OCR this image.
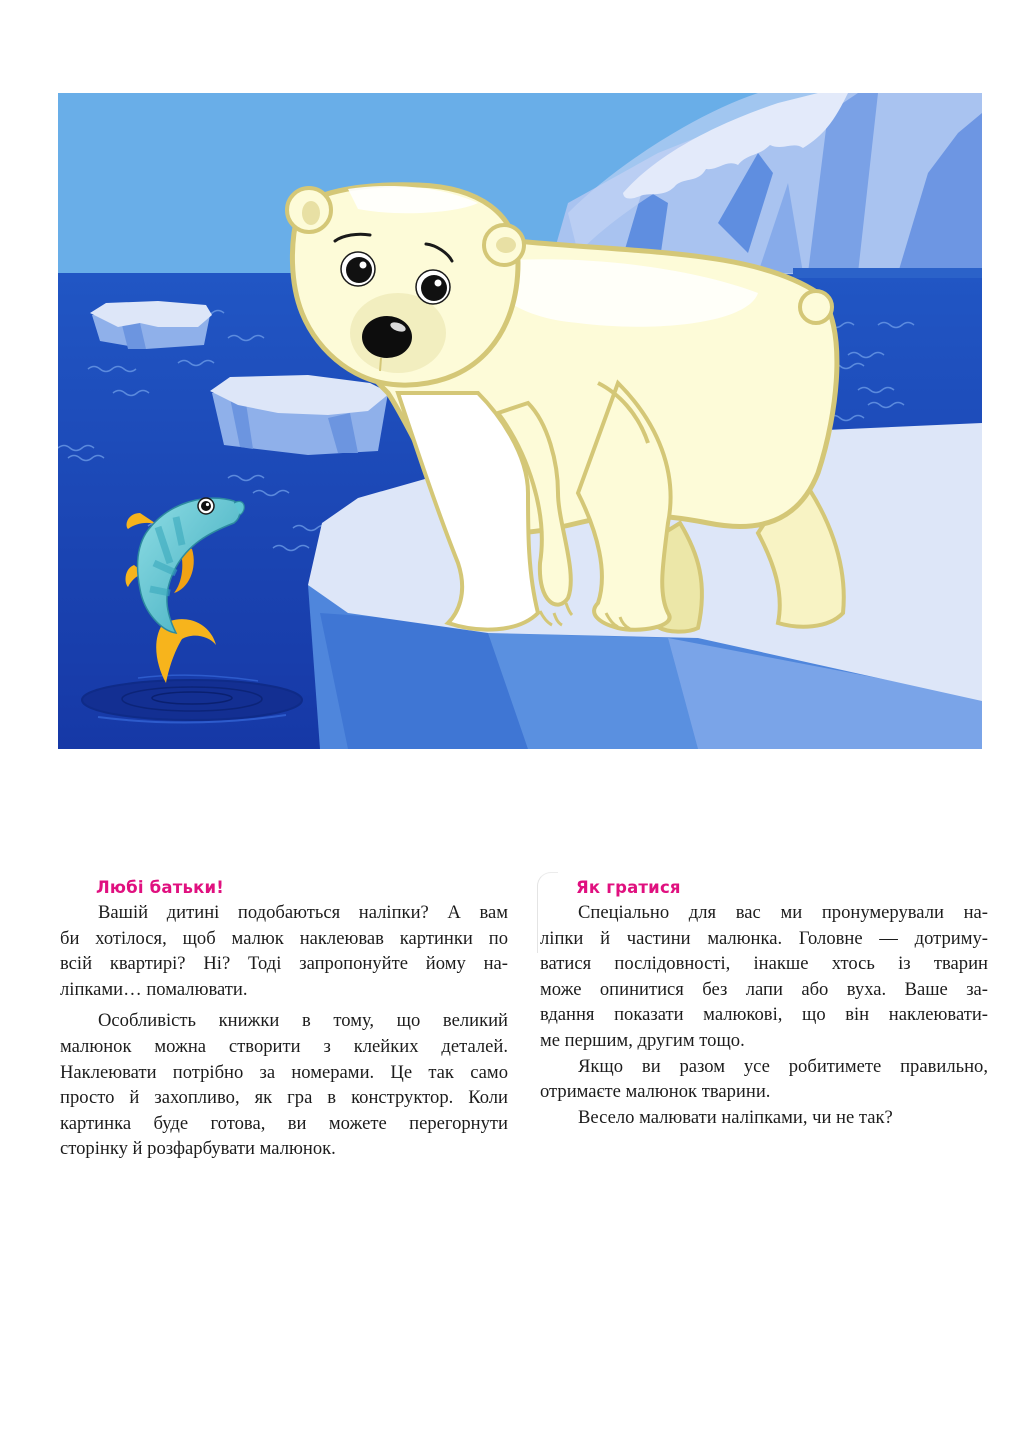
Любі батьки!

Вашій дитині подобаються наліпки? А вам
би хотілося, щоб малюк наклеював картинки по
всій квартирі? Ні? Тоді запропонуйте йому на-
ліпками… помалювати.

Особливість книжки в тому, що великий
малюнок можна створити з клейких деталей.
Наклеювати потрібно за номерами. Це так само
просто й захопливо, як гра в конструктор. Коли
картинка буде готова, ви можете перегорнути
сторінку й розфарбувати малюнок.

Як гратися

Спеціально для вас ми пронумерували на-
ліпки й частини малюнка. Головне — дотриму-
ватися послідовності, інакше хтось із тварин
може опинитися без лапи або вуха. Ваше за-
вдання показати малюкові, що він наклеювати-
ме першим, другим тощо.

Якщо ви разом усе робитимете правильно,
отримаєте малюнок тварини.

Весело малювати наліпками, чи не так?
